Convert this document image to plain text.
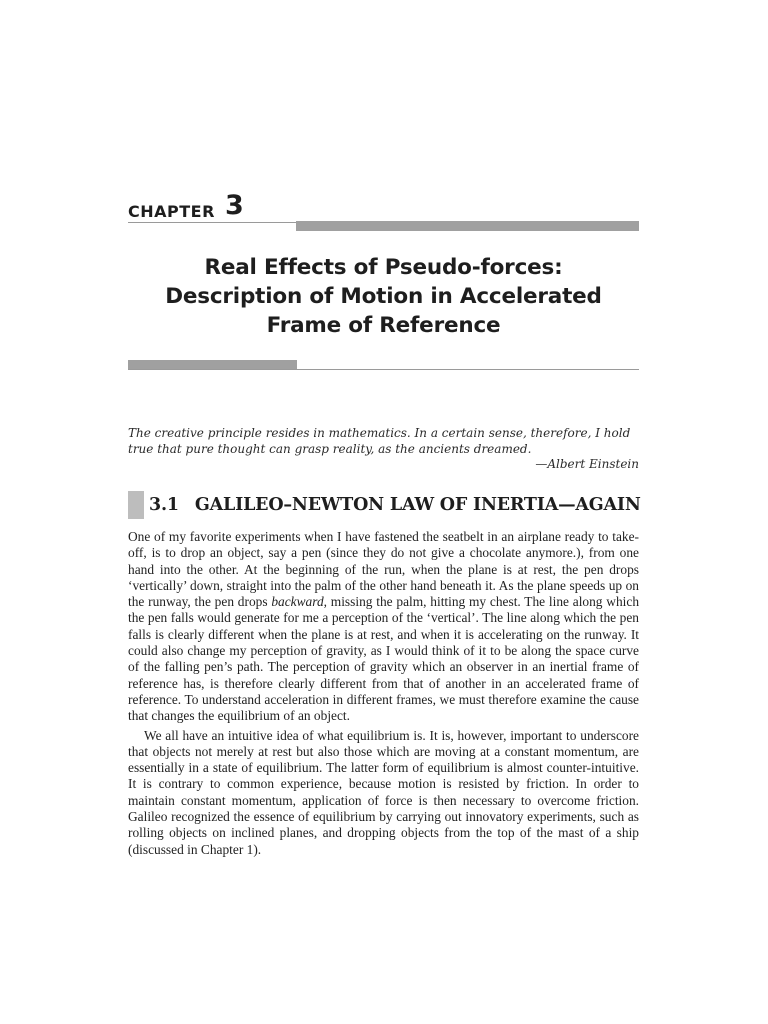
CHAPTER 3
Real Effects of Pseudo-forces:
Description of Motion in Accelerated
Frame of Reference
The creative principle resides in mathematics. In a certain sense, therefore, I hold true that pure thought can grasp reality, as the ancients dreamed.
—Albert Einstein
3.1 GALILEO–NEWTON LAW OF INERTIA—AGAIN

One of my favorite experiments when I have fastened the seatbelt in an airplane ready to take-off, is to drop an object, say a pen (since they do not give a chocolate anymore.), from one hand into the other. At the beginning of the run, when the plane is at rest, the pen drops ‘vertically’ down, straight into the palm of the other hand beneath it. As the plane speeds up on the runway, the pen drops backward, missing the palm, hitting my chest. The line along which the pen falls would generate for me a perception of the ‘vertical’. The line along which the pen falls is clearly different when the plane is at rest, and when it is accelerating on the runway. It could also change my perception of gravity, as I would think of it to be along the space curve of the falling pen’s path. The perception of gravity which an observer in an inertial frame of reference has, is therefore clearly different from that of another in an accelerated frame of reference. To understand acceleration in different frames, we must therefore examine the cause that changes the equilibrium of an object.

We all have an intuitive idea of what equilibrium is. It is, however, important to underscore that objects not merely at rest but also those which are moving at a constant momentum, are essentially in a state of equilibrium. The latter form of equilibrium is almost counter-intuitive. It is contrary to common experience, because motion is resisted by friction. In order to maintain constant momentum, application of force is then necessary to overcome friction. Galileo recognized the essence of equilibrium by carrying out innovatory experiments, such as rolling objects on inclined planes, and dropping objects from the top of the mast of a ship (discussed in Chapter 1).
